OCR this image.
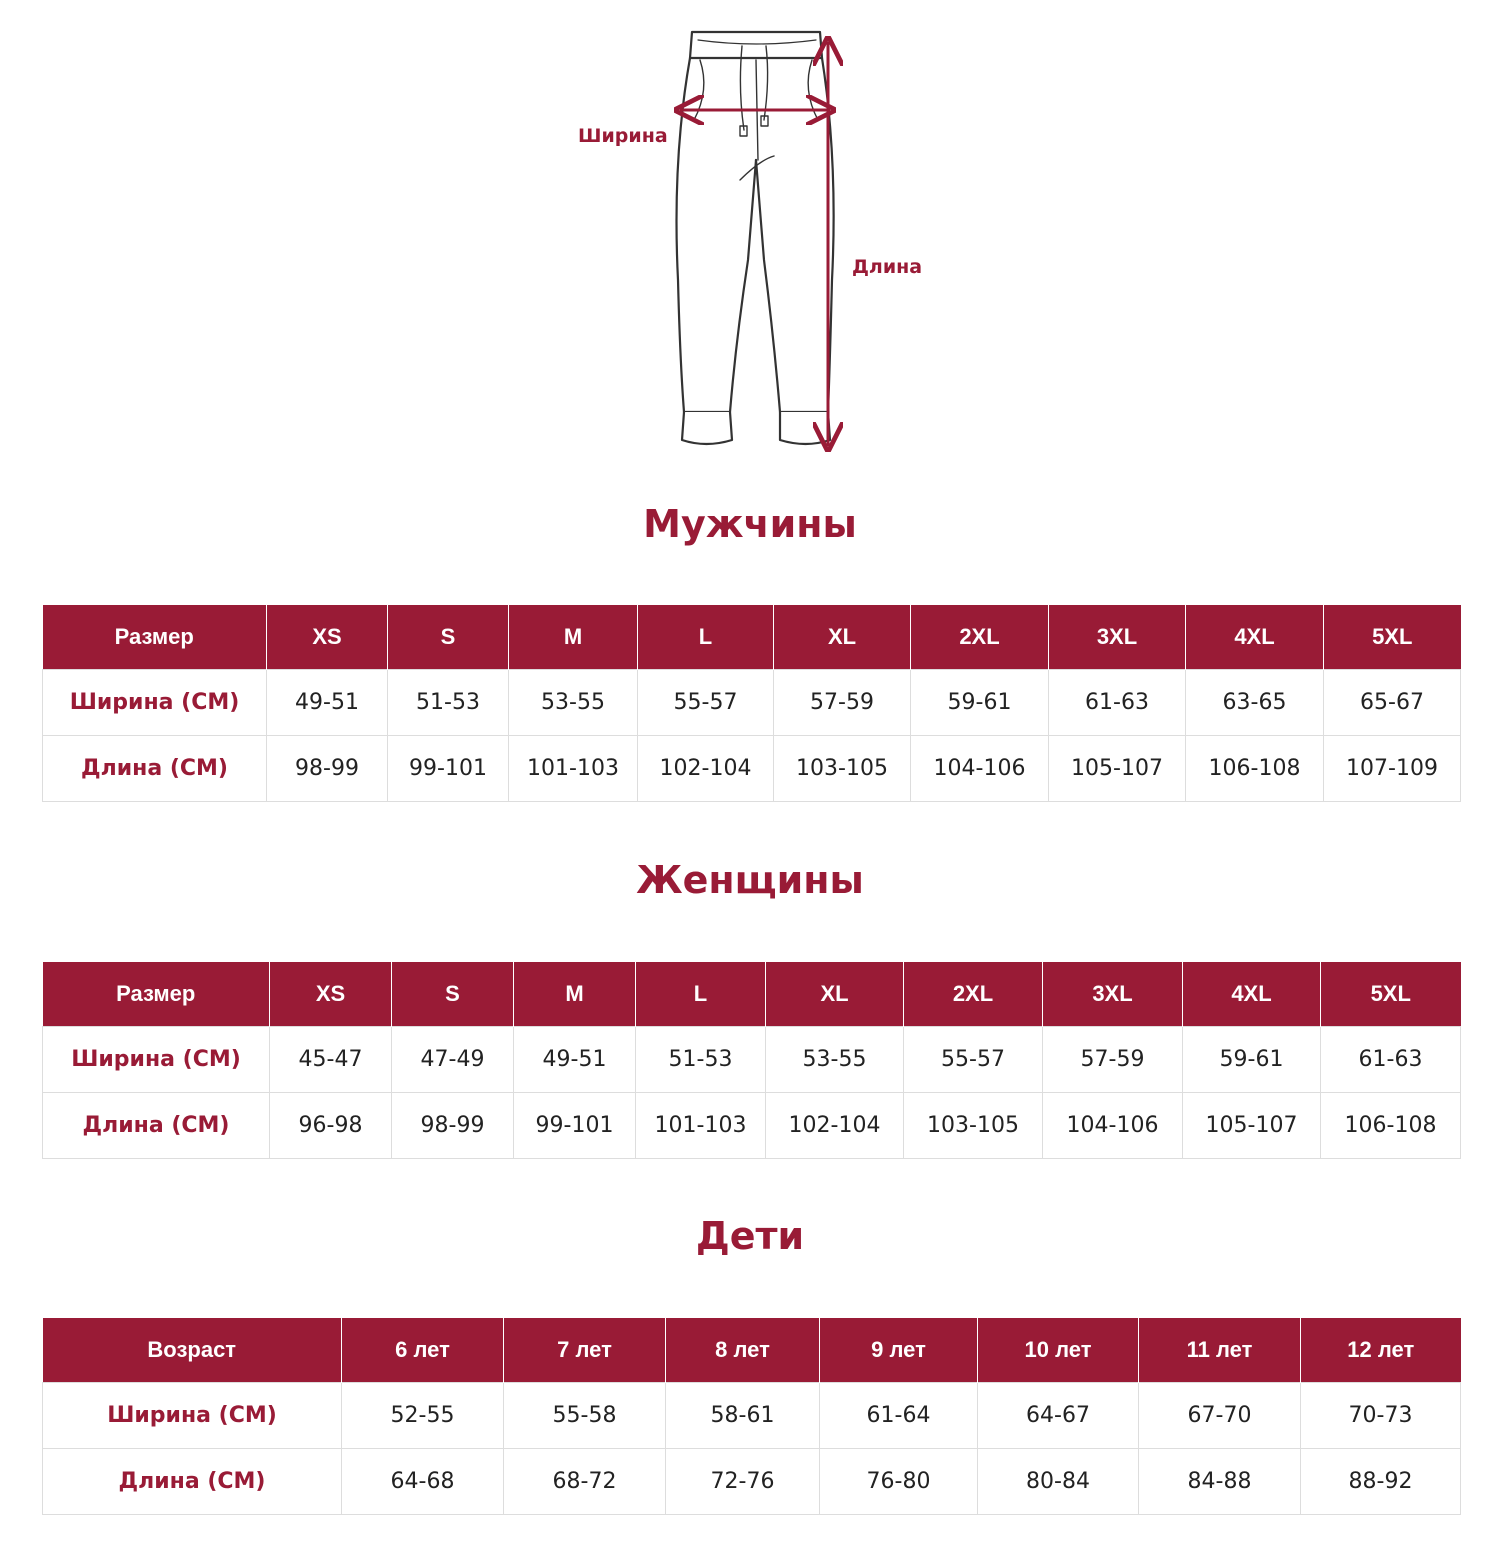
Ширина
Длина
Мужчины
Размер	XS	S	M	L	XL	2XL	3XL	4XL	5XL
Ширина (СМ)	49-51	51-53	53-55	55-57	57-59	59-61	61-63	63-65	65-67
Длина (СМ)	98-99	99-101	101-103	102-104	103-105	104-106	105-107	106-108	107-109
Женщины
Размер	XS	S	M	L	XL	2XL	3XL	4XL	5XL
Ширина (СМ)	45-47	47-49	49-51	51-53	53-55	55-57	57-59	59-61	61-63
Длина (СМ)	96-98	98-99	99-101	101-103	102-104	103-105	104-106	105-107	106-108
Дети
Возраст	6 лет	7 лет	8 лет	9 лет	10 лет	11 лет	12 лет
Ширина (СМ)	52-55	55-58	58-61	61-64	64-67	67-70	70-73
Длина (СМ)	64-68	68-72	72-76	76-80	80-84	84-88	88-92
